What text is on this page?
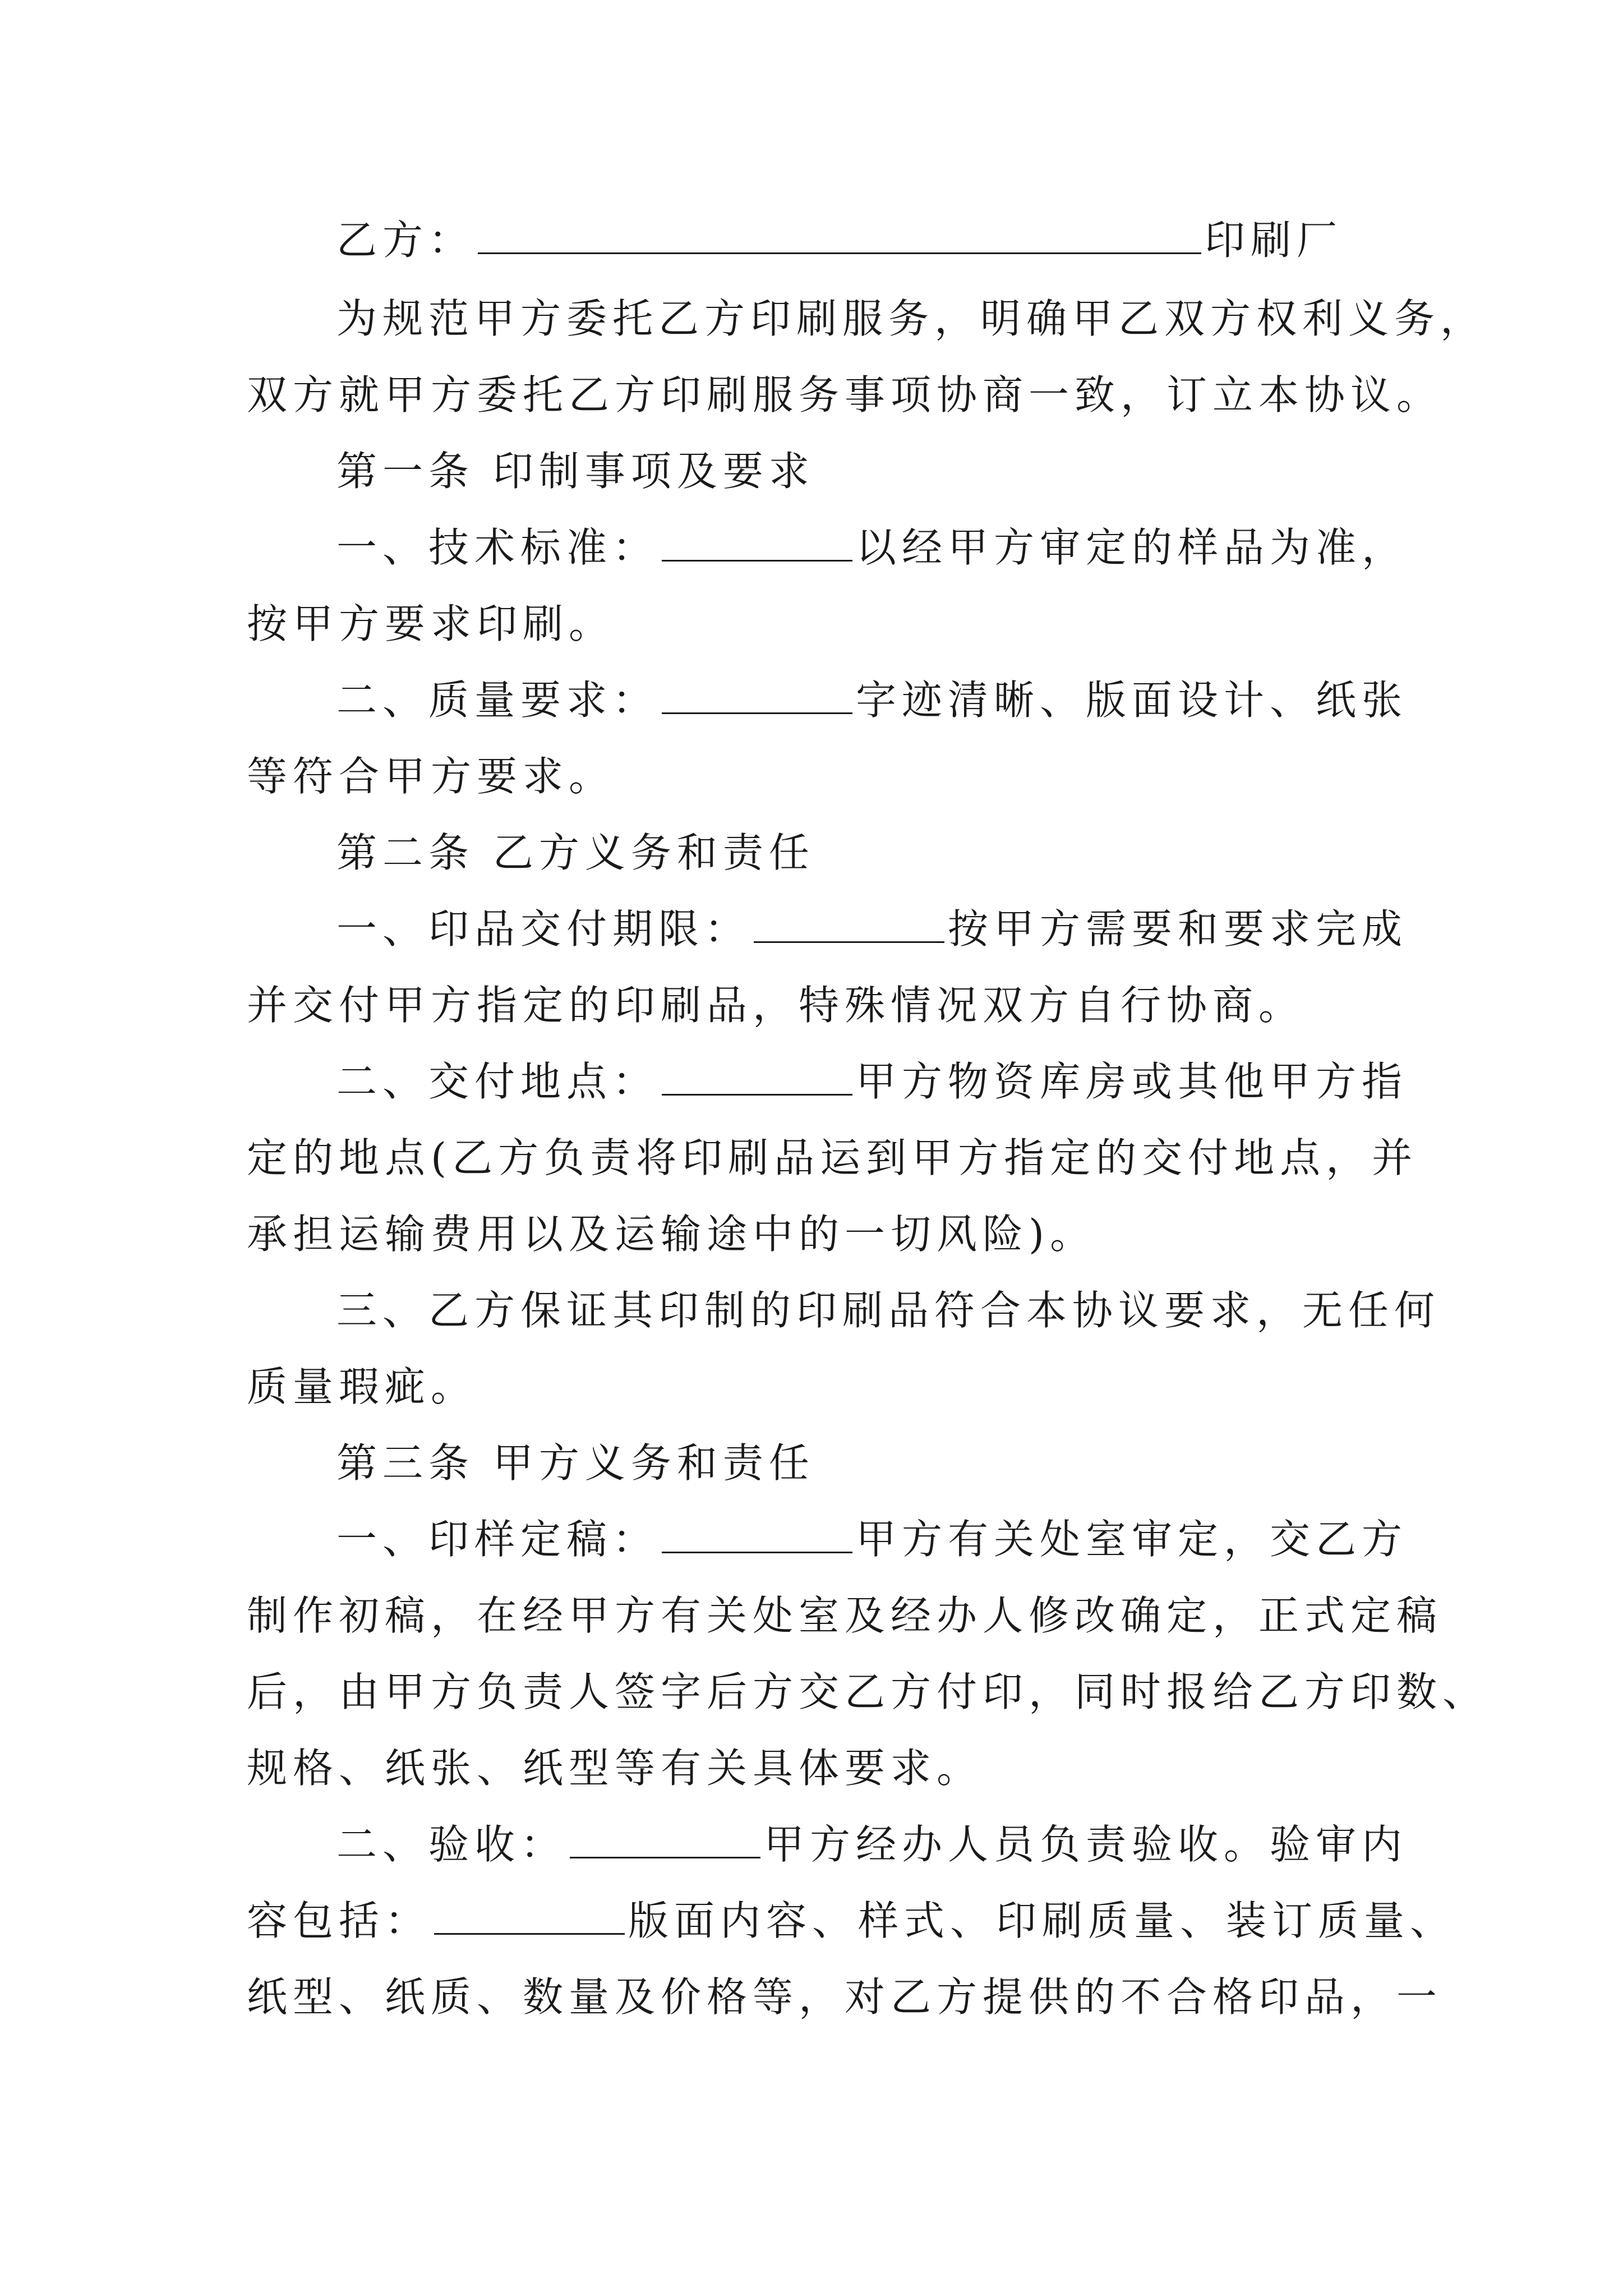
乙方：	印刷厂
为规范甲方委托乙方印刷服务，明确甲乙双方权利义务，
双方就甲方委托乙方印刷服务事项协商一致，订立本协议。
第一条 印制事项及要求
一、技术标准：	以经甲方审定的样品为准，
按甲方要求印刷。
二、质量要求：	字迹清晰、版面设计、纸张
等符合甲方要求。
第二条 乙方义务和责任
一、印品交付期限：	按甲方需要和要求完成
并交付甲方指定的印刷品，特殊情况双方自行协商。
二、交付地点：	甲方物资库房或其他甲方指
定的地点(乙方负责将印刷品运到甲方指定的交付地点，并
承担运输费用以及运输途中的一切风险)。
三、乙方保证其印制的印刷品符合本协议要求，无任何
质量瑕疵。
第三条 甲方义务和责任
一、印样定稿：	甲方有关处室审定，交乙方
制作初稿，在经甲方有关处室及经办人修改确定，正式定稿
后，由甲方负责人签字后方交乙方付印，同时报给乙方印数、
规格、纸张、纸型等有关具体要求。
二、验收：	甲方经办人员负责验收。验审内
容包括：	版面内容、样式、印刷质量、装订质量、
纸型、纸质、数量及价格等，对乙方提供的不合格印品，一
